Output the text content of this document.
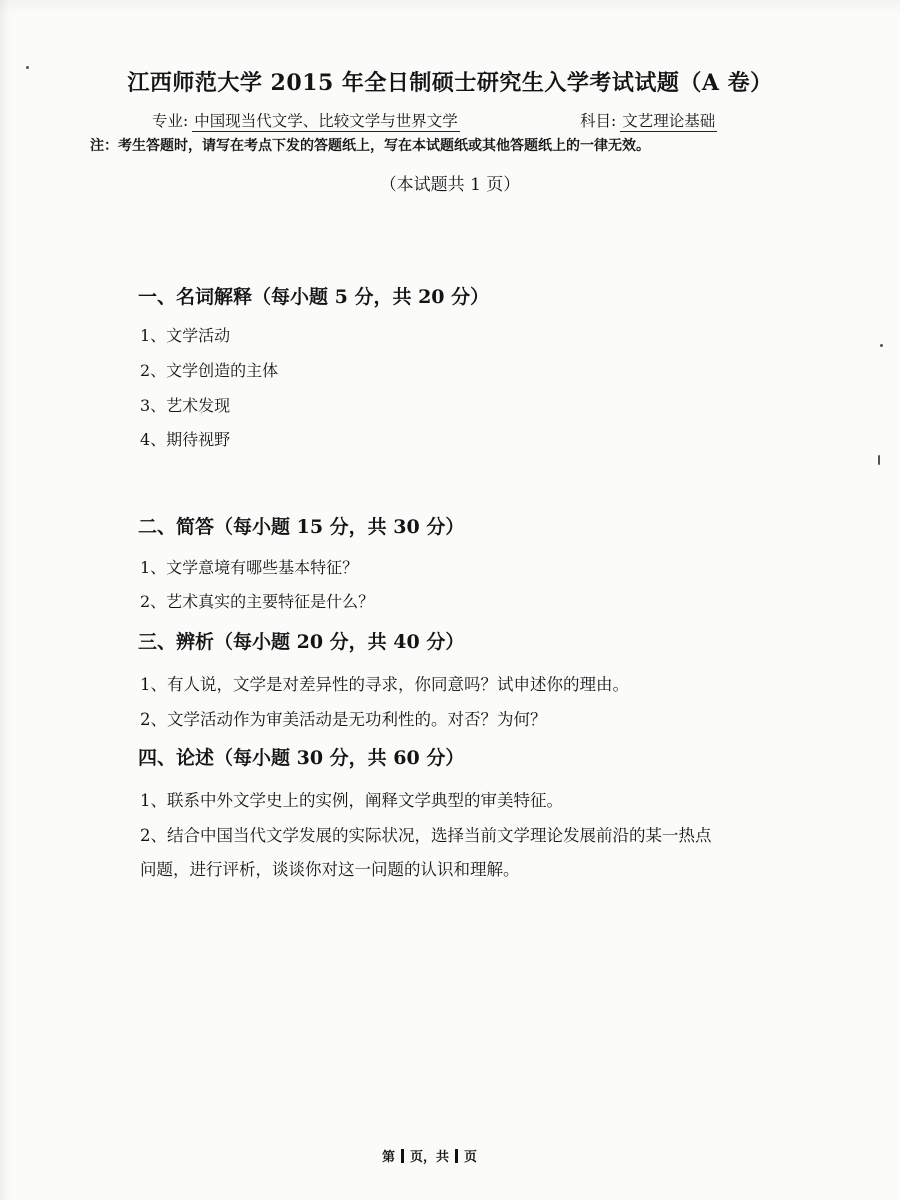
江西师范大学 2015 年全日制硕士研究生入学考试试题（A 卷）
专业: 中国现当代文学、比较文学与世界文学	科目: 文艺理论基础
注：考生答题时，请写在考点下发的答题纸上，写在本试题纸或其他答题纸上的一律无效。
（本试题共 1 页）
一、名词解释（每小题 5 分，共 20 分）
1、文学活动
2、文学创造的主体
3、艺术发现
4、期待视野
二、简答（每小题 15 分，共 30 分）
1、文学意境有哪些基本特征？
2、艺术真实的主要特征是什么？
三、辨析（每小题 20 分，共 40 分）
1、有人说，文学是对差异性的寻求，你同意吗？试申述你的理由。
2、文学活动作为审美活动是无功利性的。对否？为何？
四、论述（每小题 30 分，共 60 分）
1、联系中外文学史上的实例，阐释文学典型的审美特征。
2、结合中国当代文学发展的实际状况，选择当前文学理论发展前沿的某一热点
问题，进行评析，谈谈你对这一问题的认识和理解。
第 页，共 页
